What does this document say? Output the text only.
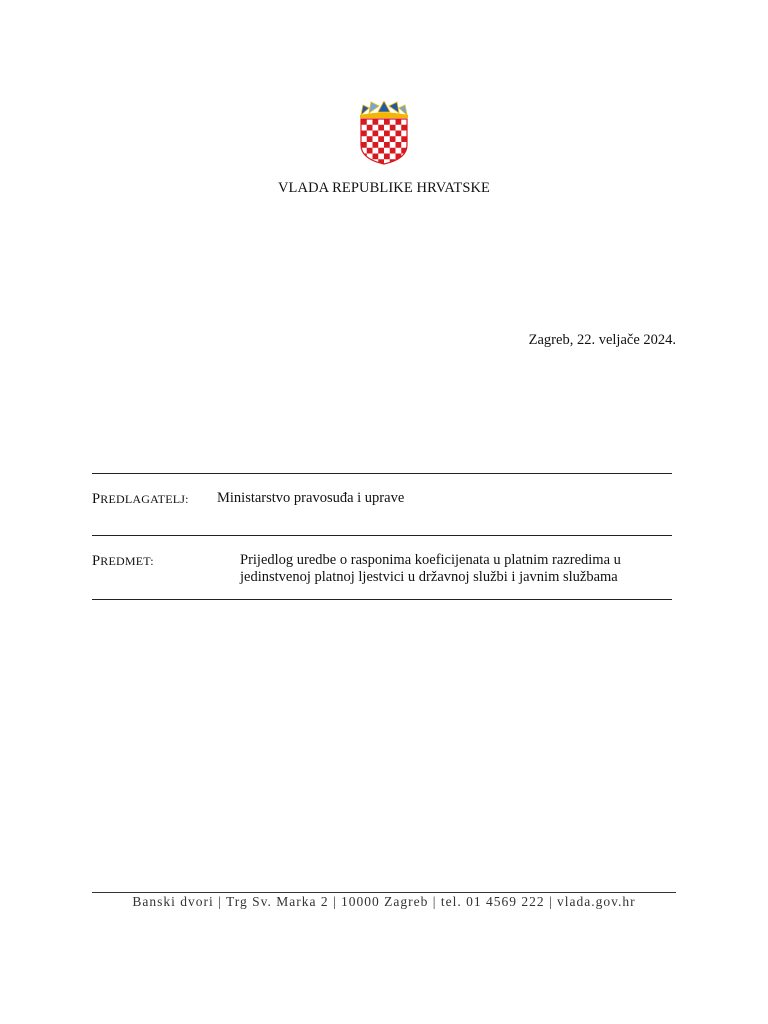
VLADA REPUBLIKE HRVATSKE
Zagreb, 22. veljače 2024.
PREDLAGATELJ: Ministarstvo pravosuđa i uprave
PREDMET:	Prijedlog uredbe o rasponima koeficijenata u platnim razredima u
jedinstvenoj platnoj ljestvici u državnoj službi i javnim službama
Banski dvori | Trg Sv. Marka 2 | 10000 Zagreb | tel. 01 4569 222 | vlada.gov.hr
